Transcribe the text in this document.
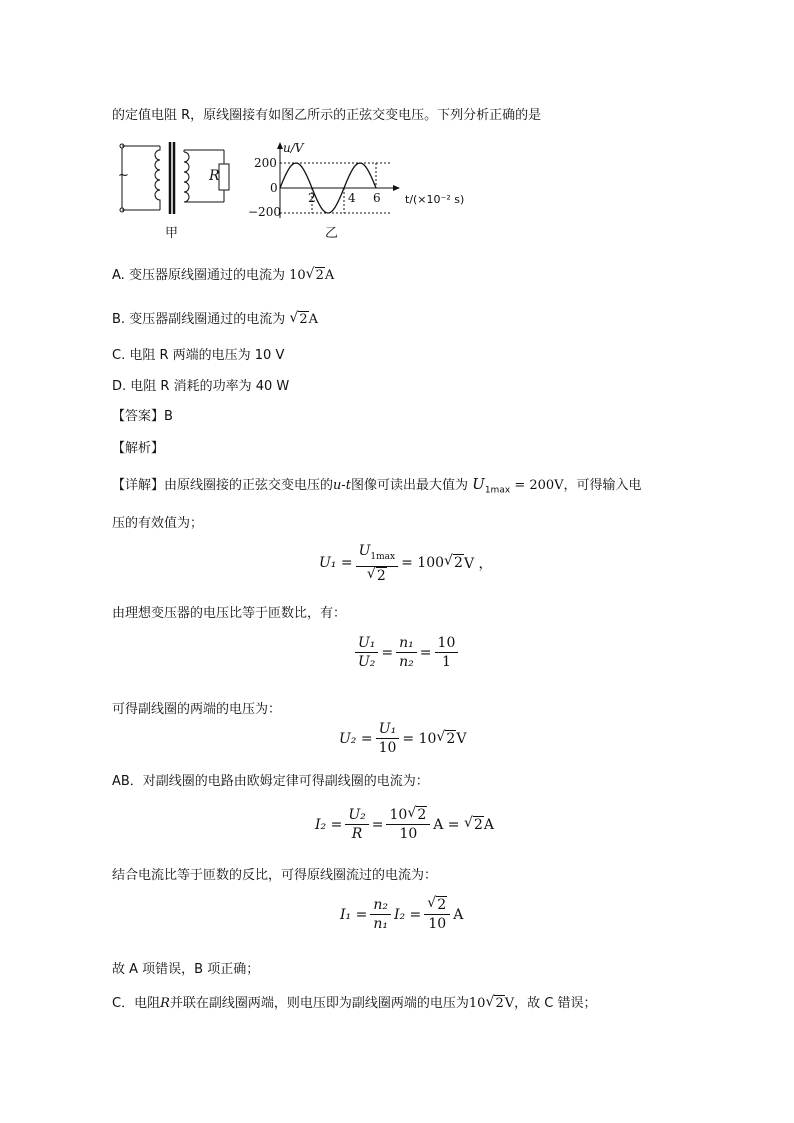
的定值电阻 R，原线圈接有如图乙所示的正弦交变电压。下列分析正确的是
R
~
甲
u/V
200
0
−200
2	4 6 t/(×10⁻² s)
乙
A. 变压器原线圈通过的电流为 10 √ 2A
B. 变压器副线圈通过的电流为 √ 2A
C. 电阻 R 两端的电压为 10 V
D. 电阻 R 消耗的功率为 40 W
【答案】B
【解析】
【详解】由原线圈接的正弦交变电压的u-t图像可读出最大值为 $U_{1max} = 200V$，可得输入电
压的有效值为；
$U_1 = U_{1max}$
√ 2 = 100 √ 2 V ，
由理想变压器的电压比等于匝数比，有：
$\frac{\text{U₁}}{\text{U₂}} = \frac{\text{n₁}}{\text{n₂}} = \frac{10}{1}$
可得副线圈的两端的电压为：
$U_2 = \frac{\text{U₁}}{10} = 10$ √ 2 V
AB．对副线圈的电路由欧姆定律可得副线圈的电流为：
$I_2 = \frac{\text{U₂}}{R} = \frac{10 √ 2}{10}$ A =
	√ 2 A
结合电流比等于匝数的反比，可得原线圈流过的电流为：
$I_1 = \frac{\text{n₂}}{\text{n₁}} I_2$ = √ $\frac{2}{10}$ A
故 A 项错误，B 项正确；
C．电阻R并联在副线圈两端，则电压即为副线圈两端的电压为10 √ 2V，故 C 错误；
